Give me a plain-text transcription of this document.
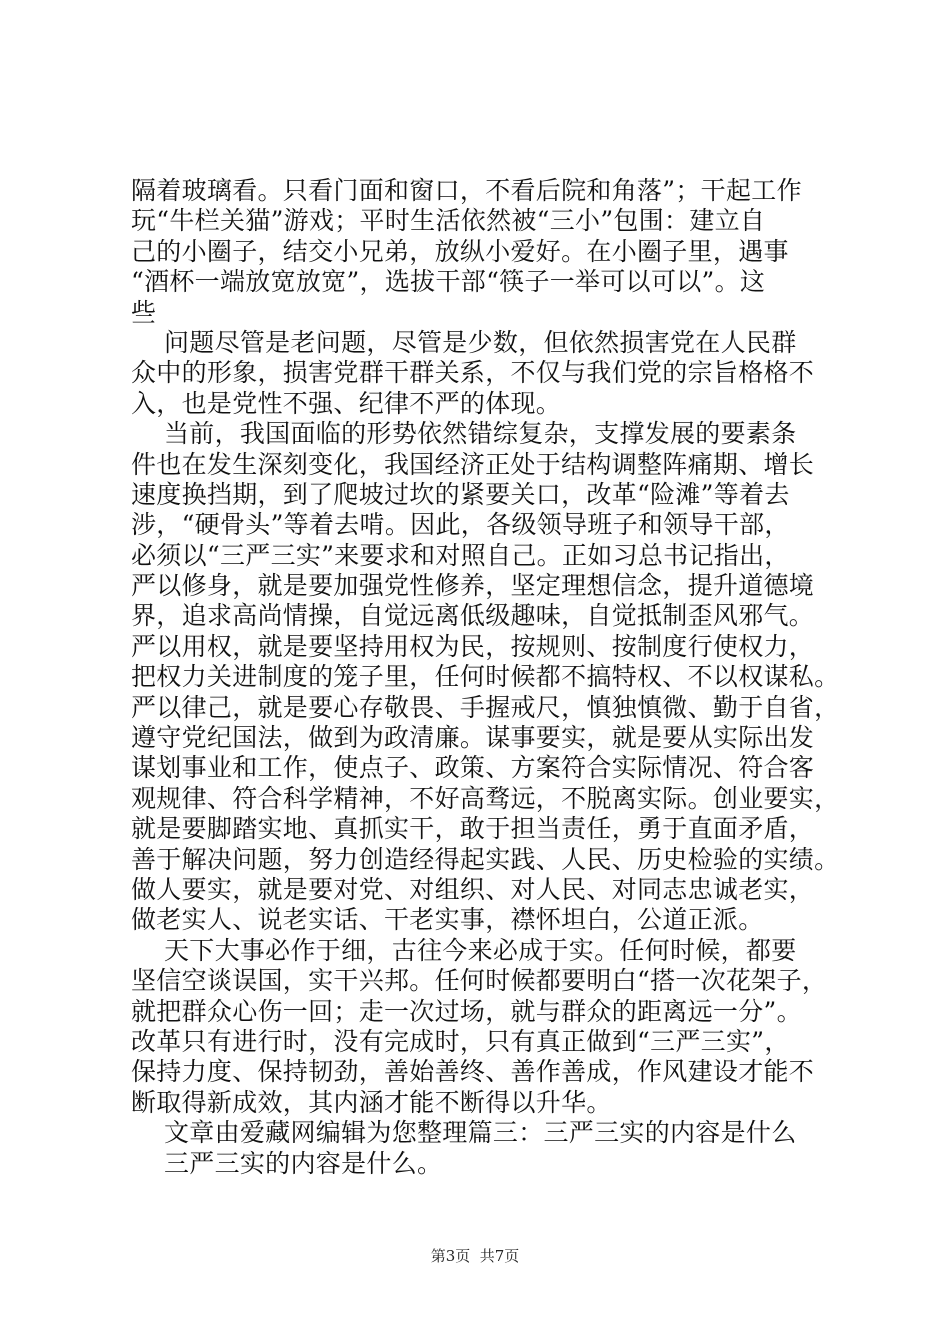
隔着玻璃看。只看门面和窗口，不看后院和角落”；干起工作
玩“牛栏关猫”游戏；平时生活依然被“三小”包围：建立自
己的小圈子，结交小兄弟，放纵小爱好。在小圈子里，遇事
“酒杯一端放宽放宽”，选拔干部“筷子一举可以可以”。这
些
问题尽管是老问题，尽管是少数，但依然损害党在人民群
众中的形象，损害党群干群关系，不仅与我们党的宗旨格格不
入，也是党性不强、纪律不严的体现。
当前，我国面临的形势依然错综复杂，支撑发展的要素条
件也在发生深刻变化，我国经济正处于结构调整阵痛期、增长
速度换挡期，到了爬坡过坎的紧要关口，改革“险滩”等着去
涉，“硬骨头”等着去啃。因此，各级领导班子和领导干部，
必须以“三严三实”来要求和对照自己。正如习总书记指出，
严以修身，就是要加强党性修养，坚定理想信念，提升道德境
界，追求高尚情操，自觉远离低级趣味，自觉抵制歪风邪气。
严以用权，就是要坚持用权为民，按规则、按制度行使权力，
把权力关进制度的笼子里，任何时候都不搞特权、不以权谋私。
严以律己，就是要心存敬畏、手握戒尺，慎独慎微、勤于自省，
遵守党纪国法，做到为政清廉。谋事要实，就是要从实际出发
谋划事业和工作，使点子、政策、方案符合实际情况、符合客
观规律、符合科学精神，不好高骛远，不脱离实际。创业要实，
就是要脚踏实地、真抓实干，敢于担当责任，勇于直面矛盾，
善于解决问题，努力创造经得起实践、人民、历史检验的实绩。
做人要实，就是要对党、对组织、对人民、对同志忠诚老实，
做老实人、说老实话、干老实事，襟怀坦白，公道正派。
天下大事必作于细，古往今来必成于实。任何时候，都要
坚信空谈误国，实干兴邦。任何时候都要明白“搭一次花架子，
就把群众心伤一回；走一次过场，就与群众的距离远一分”。
改革只有进行时，没有完成时，只有真正做到“三严三实”，
保持力度、保持韧劲，善始善终、善作善成，作风建设才能不
断取得新成效，其内涵才能不断得以升华。
文章由爱藏网编辑为您整理篇三：三严三实的内容是什么
三严三实的内容是什么。
第3页  共7页
